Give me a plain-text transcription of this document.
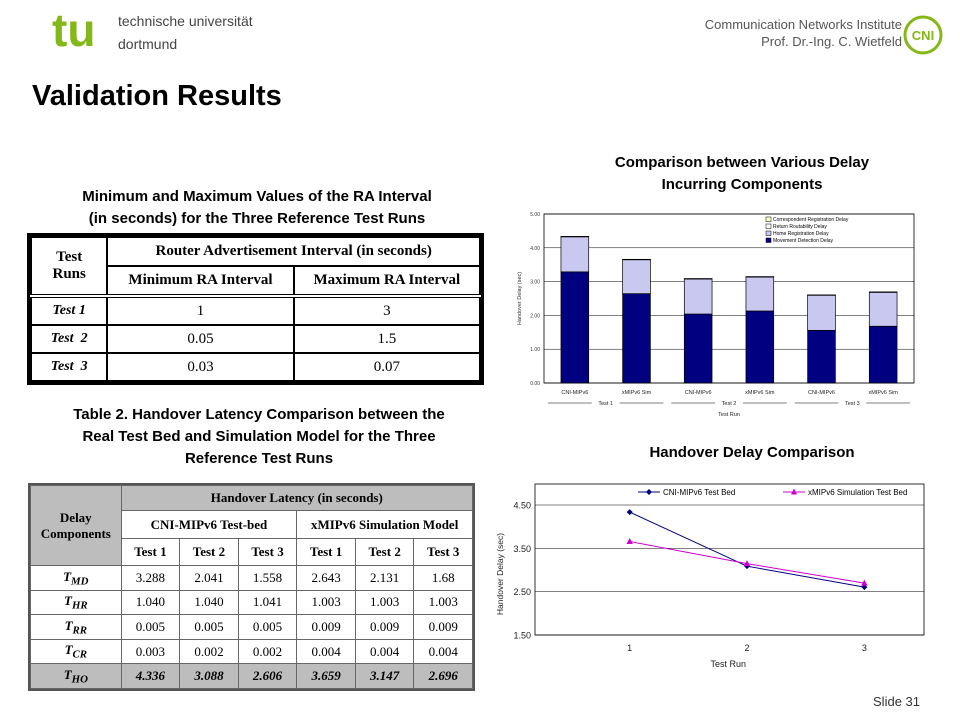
tu technische universität
dortmund
Communication Networks Institute
Prof. Dr.-Ing. C. Wietfeld CNI
Validation Results
Minimum and Maximum Values of the RA Interval
(in seconds) for the Three Reference Test Runs
Test
Runs	Router Advertisement Interval (in seconds)	
	Minimum RA Interval	Maximum RA Interval
Test 1	1	3
Test  2	0.05	1.5
Test  3	0.03	0.07
Table 2. Handover Latency Comparison between the
Real Test Bed and Simulation Model for the Three
Reference Test Runs
Delay
Components	Handover Latency (in seconds)					
	CNI-MIPv6 Test-bed			xMIPv6 Simulation Model		
	Test 1	Test 2	Test 3	Test 1	Test 2	Test 3
$T_{MD}$	3.288	2.041	1.558	2.643	2.131	1.68
$T_{HR}$	1.040	1.040	1.041	1.003	1.003	1.003
$T_{RR}$	0.005	0.005	0.005	0.009	0.009	0.009
$T_{CR}$	0.003	0.002	0.002	0.004	0.004	0.004
$T_{HO}$	4.336	3.088	2.606	3.659	3.147	2.696
Comparison between Various Delay
Incurring Components
Handover Delay Comparison
0.00
1.00
2.00
3.00
4.00
5.00
Handover Delay (sec)
CNI-MIPv6	xMIPv6 Sim	CNI-MIPv6	xMIPv6 Sim	CNI-MIPv6	xMIPv6 Sim
Test 1	Test 2	Test 3
Test Run
Correspondent Registration Delay
Return Routability Delay
Home Registration Delay
Movement Detection Delay
1.50
2.50
3.50
4.50
Handover Delay (sec)
1	2	3
Test Run
CNI-MIPv6 Test Bed	xMIPv6 Simulation Test Bed
Slide 31
